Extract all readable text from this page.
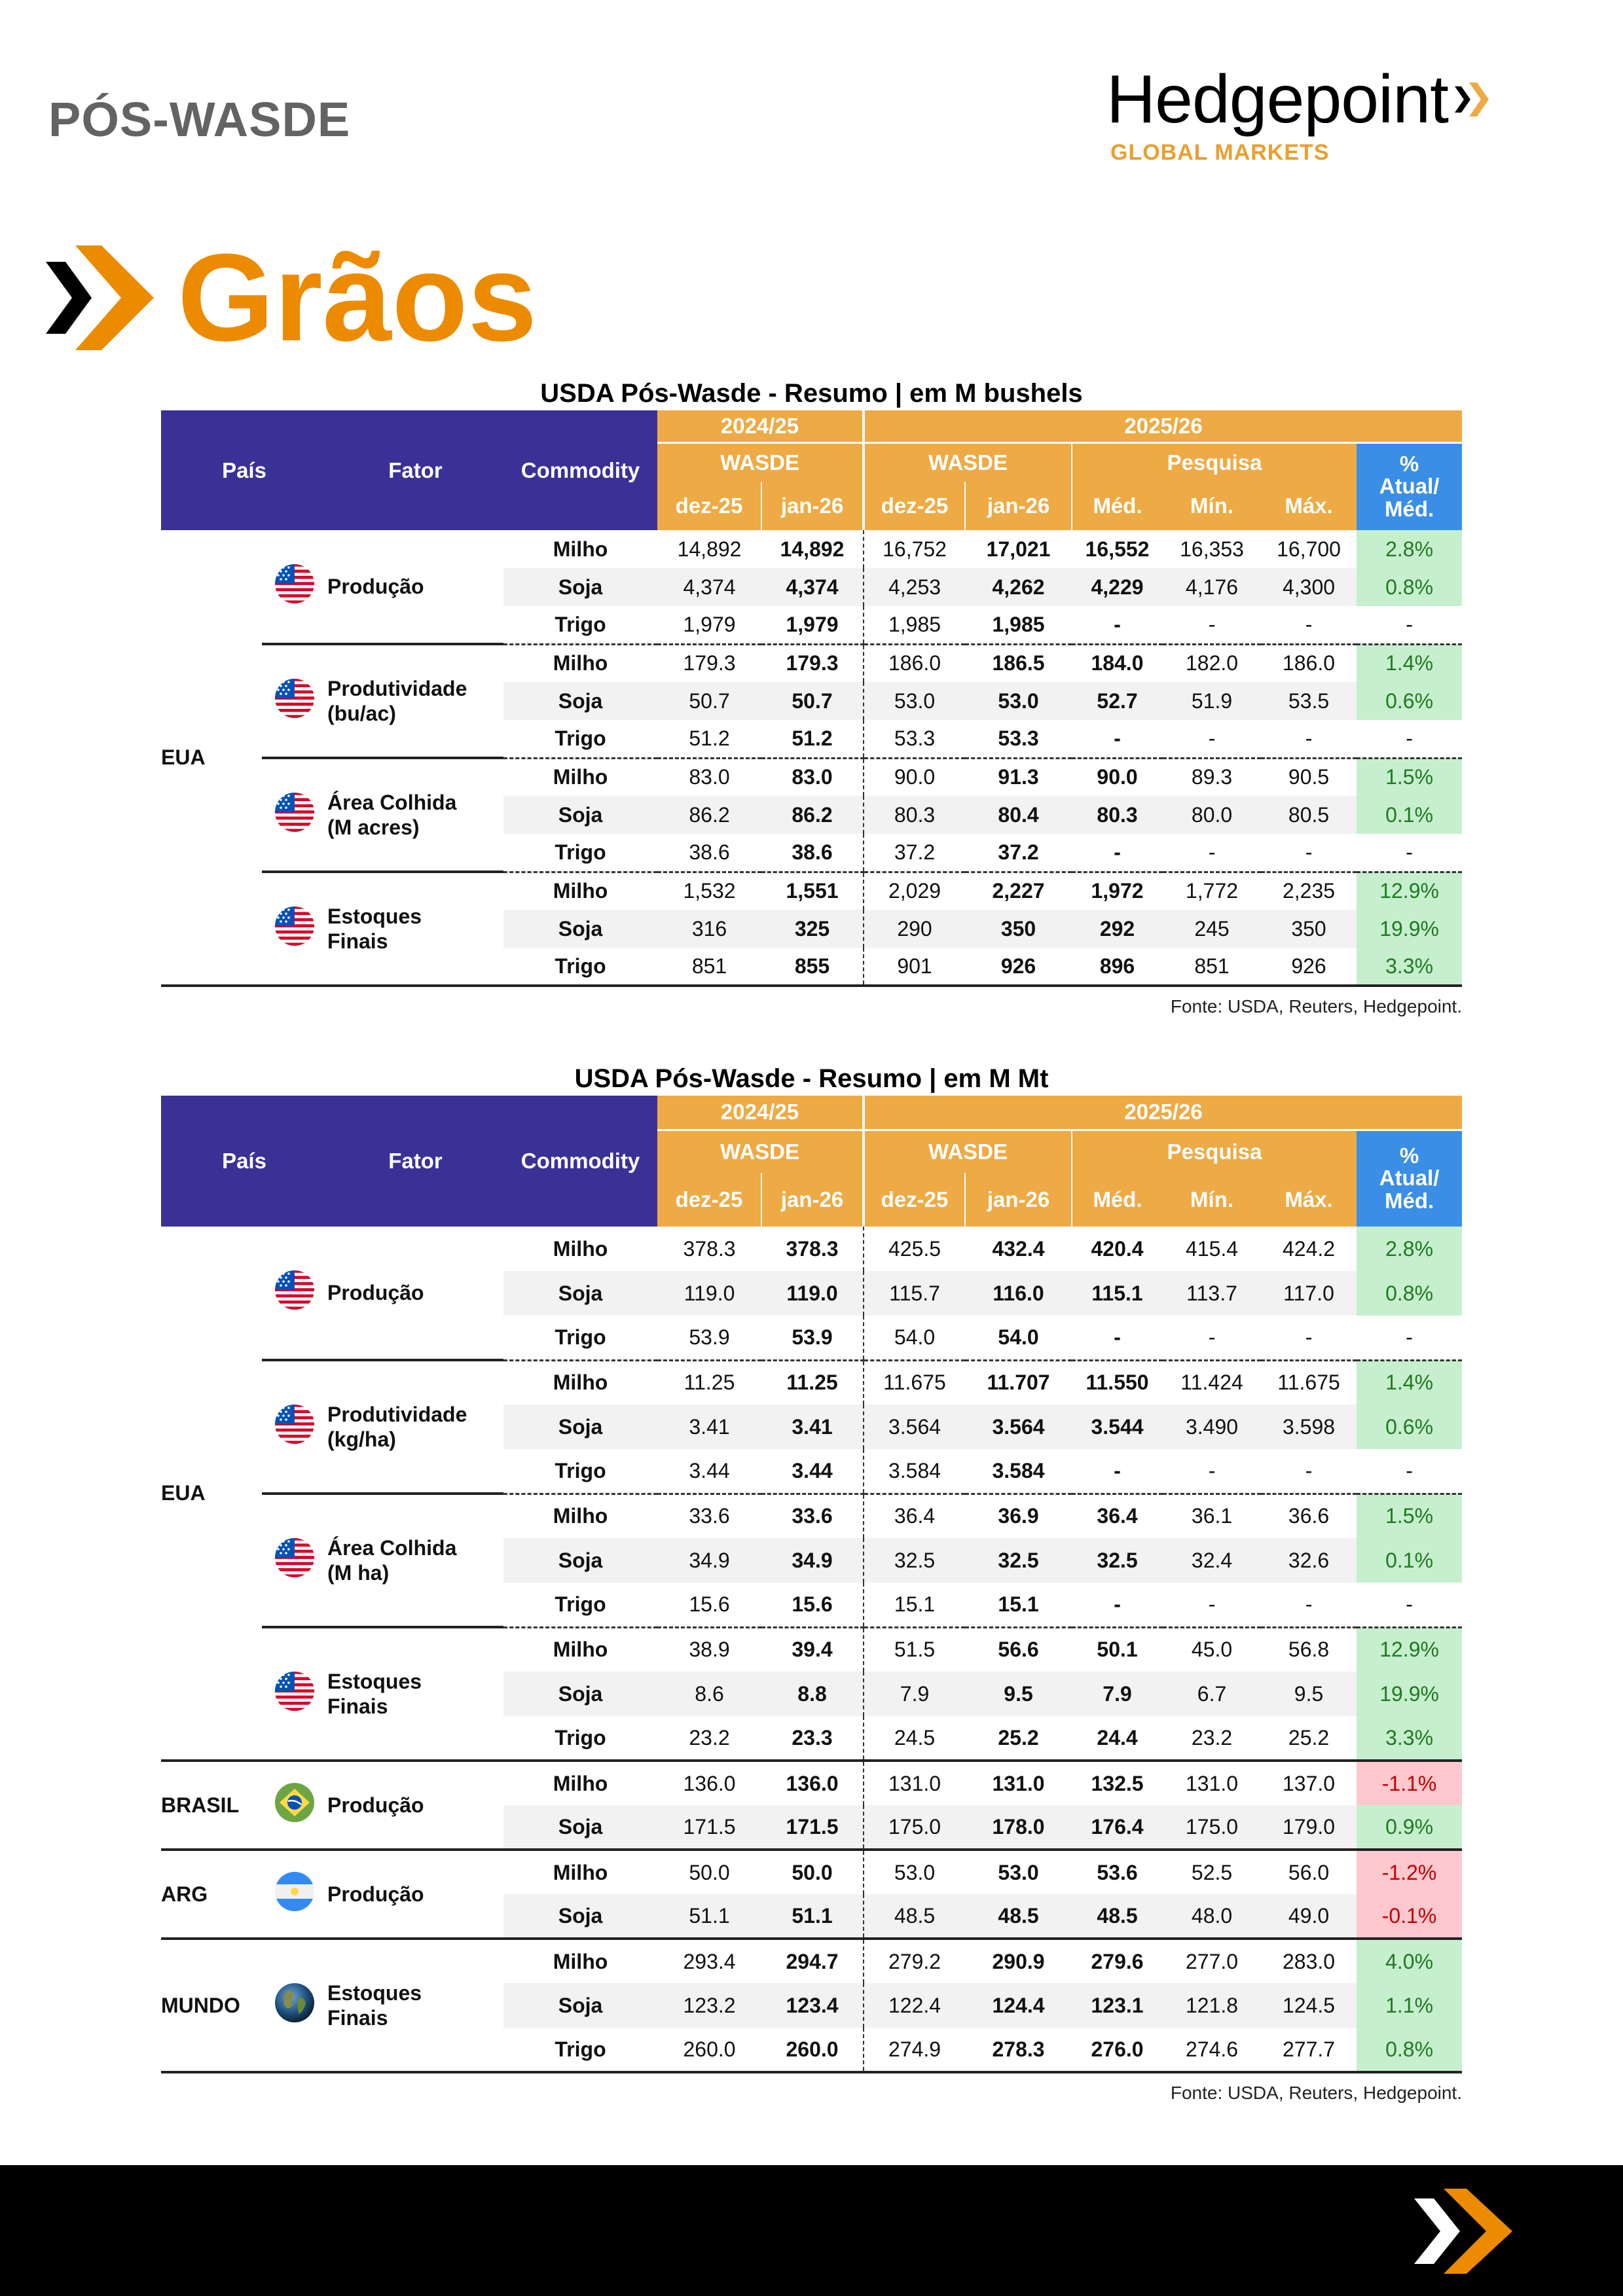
PÓS-WASDE	Hedgepoint
GLOBAL MARKETS
Grãos
USDA Pós-Wasde - Resumo | em M bushels
País		Fator	Commodity	2024/25		2025/26					
				WASDE		WASDE		Pesquisa			%
Atual/
Méd.
				dez-25	jan-26	dez-25	jan-26	Méd.	Mín.	Máx.	
EUA		Produção	Milho	14,892	14,892	16,752	17,021	16,552	16,353	16,700	2.8%
			Soja	4,374	4,374	4,253	4,262	4,229	4,176	4,300	0.8%
			Trigo	1,979	1,979	1,985	1,985	-	-	-	-
	Produtividade
(bu/ac)	Milho	179.3	179.3	186.0	186.5	184.0	182.0	186.0	1.4%
			Soja	50.7	50.7	53.0	53.0	52.7	51.9	53.5	0.6%
			Trigo	51.2	51.2	53.3	53.3	-	-	-	-
	Área Colhida
(M acres)	Milho	83.0	83.0	90.0	91.3	90.0	89.3	90.5	1.5%
			Soja	86.2	86.2	80.3	80.4	80.3	80.0	80.5	0.1%
			Trigo	38.6	38.6	37.2	37.2	-	-	-	-
	Estoques
Finais	Milho	1,532	1,551	2,029	2,227	1,972	1,772	2,235	12.9%
			Soja	316	325	290	350	292	245	350	19.9%
			Trigo	851	855	901	926	896	851	926	3.3%
Fonte: USDA, Reuters, Hedgepoint.
USDA Pós-Wasde - Resumo | em M Mt
País		Fator	Commodity	2024/25		2025/26					
				WASDE		WASDE		Pesquisa			%
Atual/
Méd.
				dez-25	jan-26	dez-25	jan-26	Méd.	Mín.	Máx.	
EUA		Produção	Milho	378.3	378.3	425.5	432.4	420.4	415.4	424.2	2.8%
			Soja	119.0	119.0	115.7	116.0	115.1	113.7	117.0	0.8%
			Trigo	53.9	53.9	54.0	54.0	-	-	-	-
	Produtividade
(kg/ha)	Milho	11.25	11.25	11.675	11.707	11.550	11.424	11.675	1.4%
			Soja	3.41	3.41	3.564	3.564	3.544	3.490	3.598	0.6%
			Trigo	3.44	3.44	3.584	3.584	-	-	-	-
	Área Colhida
(M ha)	Milho	33.6	33.6	36.4	36.9	36.4	36.1	36.6	1.5%
			Soja	34.9	34.9	32.5	32.5	32.5	32.4	32.6	0.1%
			Trigo	15.6	15.6	15.1	15.1	-	-	-	-
	Estoques
Finais	Milho	38.9	39.4	51.5	56.6	50.1	45.0	56.8	12.9%
			Soja	8.6	8.8	7.9	9.5	7.9	6.7	9.5	19.9%
			Trigo	23.2	23.3	24.5	25.2	24.4	23.2	25.2	3.3%
BRASIL		Produção	Milho	136.0	136.0	131.0	131.0	132.5	131.0	137.0	-1.1%
			Soja	171.5	171.5	175.0	178.0	176.4	175.0	179.0	0.9%
ARG		Produção	Milho	50.0	50.0	53.0	53.0	53.6	52.5	56.0	-1.2%
			Soja	51.1	51.1	48.5	48.5	48.5	48.0	49.0	-0.1%
MUNDO		Estoques
Finais	Milho	293.4	294.7	279.2	290.9	279.6	277.0	283.0	4.0%
			Soja	123.2	123.4	122.4	124.4	123.1	121.8	124.5	1.1%
			Trigo	260.0	260.0	274.9	278.3	276.0	274.6	277.7	0.8%
Fonte: USDA, Reuters, Hedgepoint.
